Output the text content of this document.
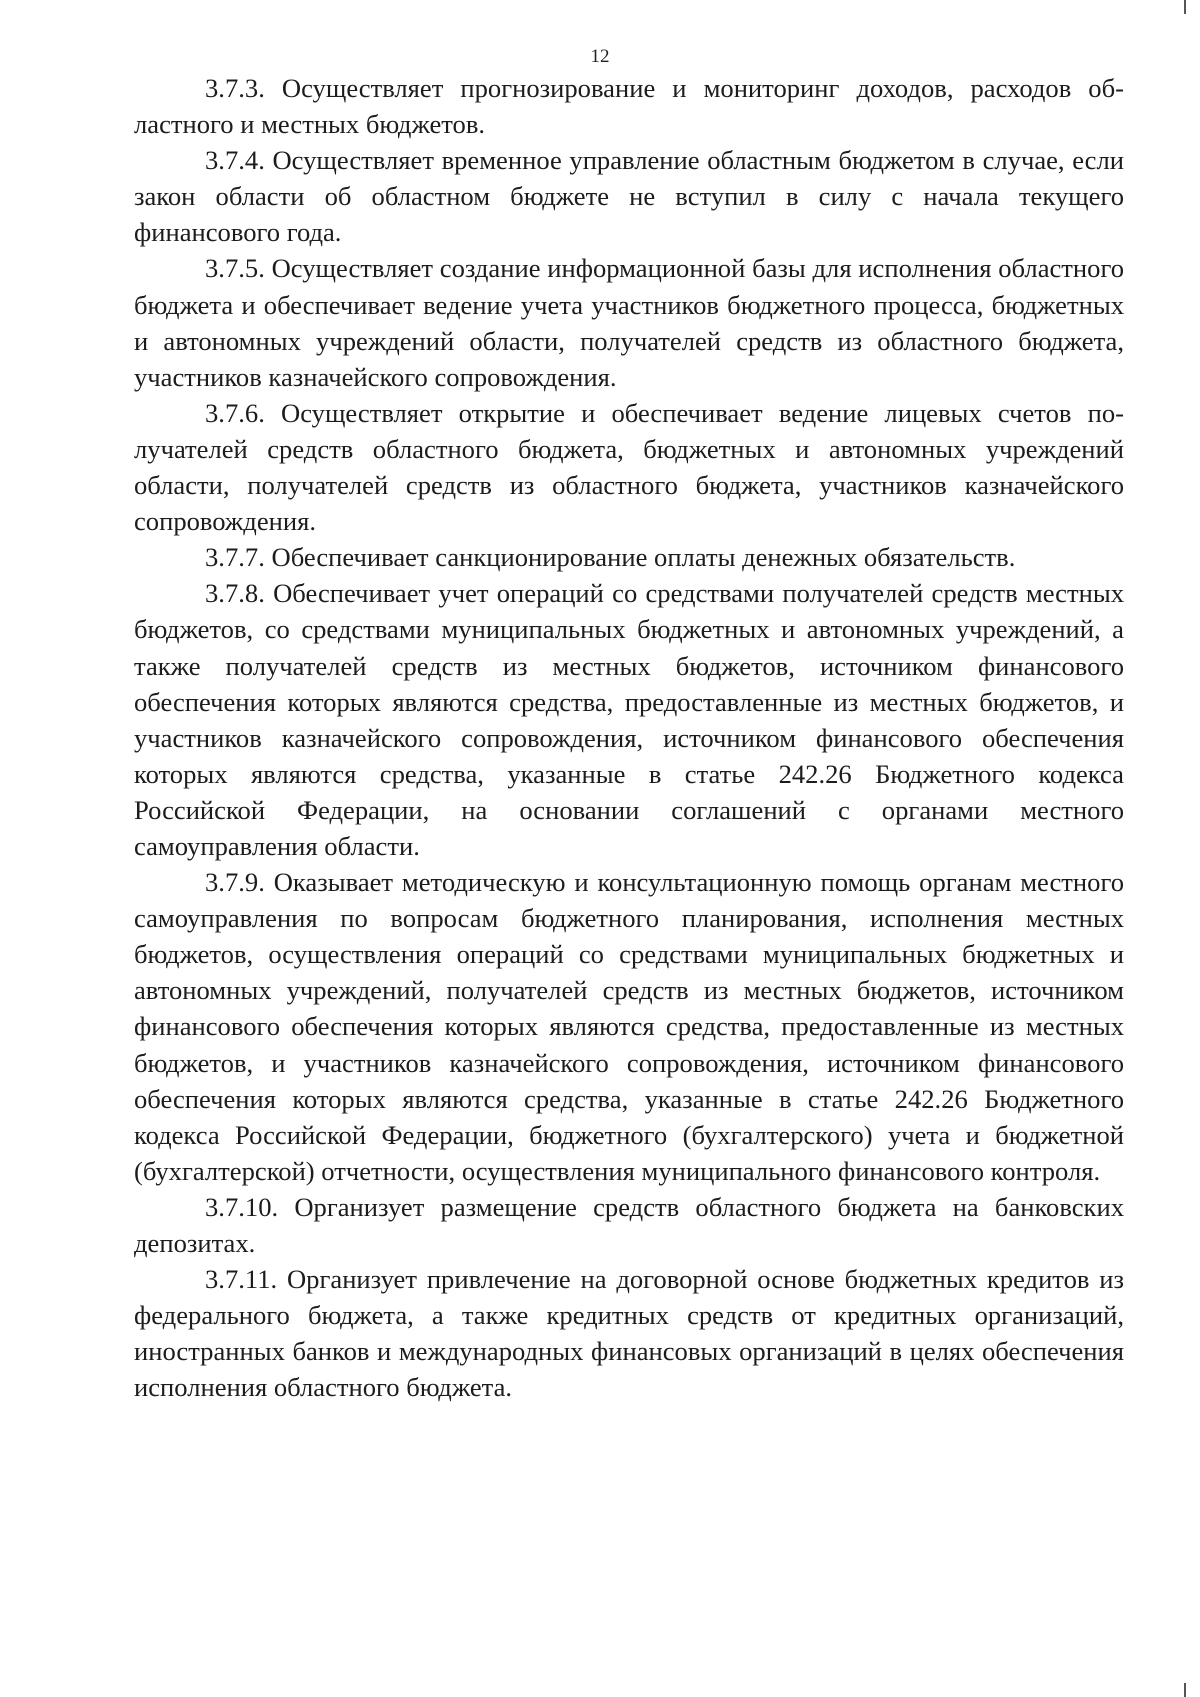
12

3.7.3. Осуществляет прогнозирование и мониторинг доходов, расходов областного и местных бюджетов.

3.7.4. Осуществляет временное управление областным бюджетом в случае, если закон области об областном бюджете не вступил в силу с начала текущего финансового года.

3.7.5. Осуществляет создание информационной базы для исполнения областного бюджета и обеспечивает ведение учета участников бюджетного процесса, бюджетных и автономных учреждений области, получателей средств из областного бюджета, участников казначейского сопровождения.

3.7.6. Осуществляет открытие и обеспечивает ведение лицевых счетов получателей средств областного бюджета, бюджетных и автономных учреждений области, получателей средств из областного бюджета, участников казначейского сопровождения.

3.7.7. Обеспечивает санкционирование оплаты денежных обязательств.

3.7.8. Обеспечивает учет операций со средствами получателей средств местных бюджетов, со средствами муниципальных бюджетных и автономных учреждений, а также получателей средств из местных бюджетов, источником финансового обеспечения которых являются средства, предоставленные из местных бюджетов, и участников казначейского сопровождения, источником финансового обеспечения которых являются средства, указанные в статье 242.26 Бюджетного кодекса Российской Федерации, на основании соглашений с органами местного самоуправления области.

3.7.9. Оказывает методическую и консультационную помощь органам местного самоуправления по вопросам бюджетного планирования, исполнения местных бюджетов, осуществления операций со средствами муниципальных бюджетных и автономных учреждений, получателей средств из местных бюджетов, источником финансового обеспечения которых являются средства, предоставленные из местных бюджетов, и участников казначейского сопровождения, источником финансового обеспечения которых являются средства, указанные в статье 242.26 Бюджетного кодекса Российской Федерации, бюджетного (бухгалтерского) учета и бюджетной (бухгалтерской) отчетности, осуществления муниципального финансового контроля.

3.7.10. Организует размещение средств областного бюджета на банковских депозитах.

3.7.11. Организует привлечение на договорной основе бюджетных кредитов из федерального бюджета, а также кредитных средств от кредитных организаций, иностранных банков и международных финансовых организаций в целях обеспечения исполнения областного бюджета.
